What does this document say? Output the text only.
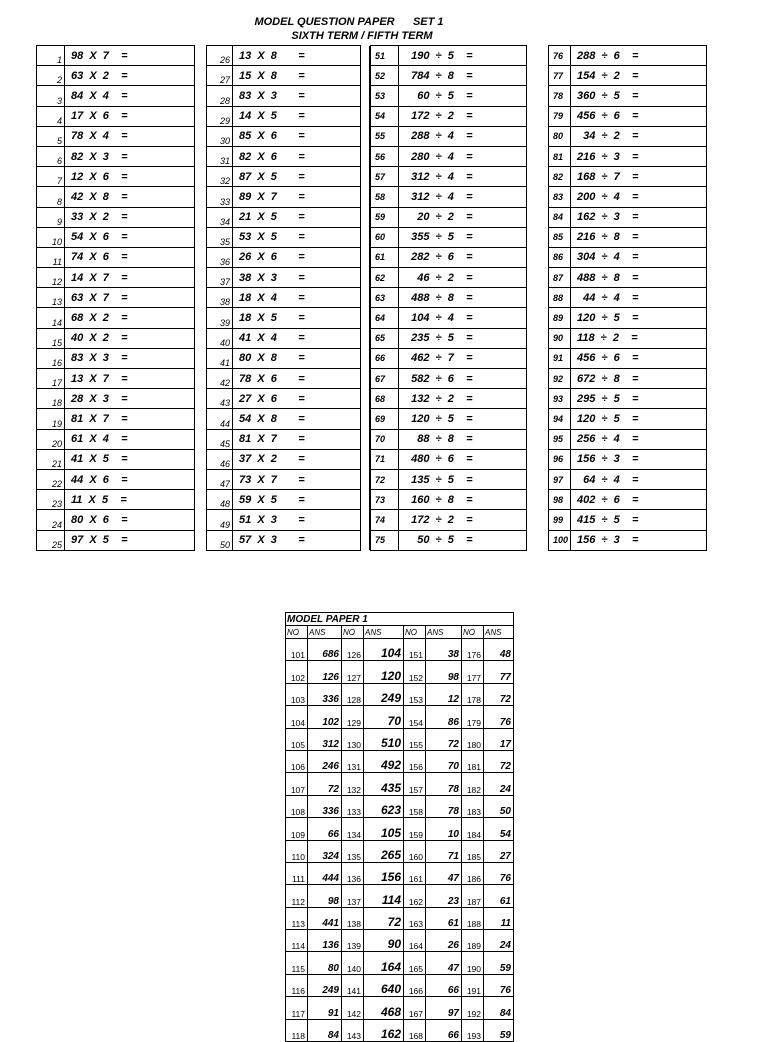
MODEL QUESTION PAPER      SET 1
SIXTH TERM / FIFTH TERM
1	98  X  7    =
2	63  X  2    =
3	84  X  4    =
4	17  X  6    =
5	78  X  4    =
6	82  X  3    =
7	12  X  6    =
8	42  X  8    =
9	33  X  2    =
10	54  X  6    =
11	74  X  6    =
12	14  X  7    =
13	63  X  7    =
14	68  X  2    =
15	40  X  2    =
16	83  X  3    =
17	13  X  7    =
18	28  X  3    =
19	81  X  7    =
20	61  X  4    =
21	41  X  5    =
22	44  X  6    =
23	11  X  5    =
24	80  X  6    =
25	97  X  5    =
26	13  X  8       =	
27	15  X  8       =	
28	83  X  3       =	
29	14  X  5       =	
30	85  X  6       =	
31	82  X  6       =	
32	87  X  5       =	
33	89  X  7       =	
34	21  X  5       =	
35	53  X  5       =	
36	26  X  6       =	
37	38  X  3       =	
38	18  X  4       =	
39	18  X  5       =	
40	41  X  4       =	
41	80  X  8       =	
42	78  X  6       =	
43	27  X  6       =	
44	54  X  8       =	
45	81  X  7       =	
46	37  X  2       =	
47	73  X  7       =	
48	59  X  5       =	
49	51  X  3       =	
50	57  X  3       =	
51	190  ÷  5    =
52	784  ÷  8    =
53	60  ÷  5    =
54	172  ÷  2    =
55	288  ÷  4    =
56	280  ÷  4    =
57	312  ÷  4    =
58	312  ÷  4    =
59	20  ÷  2    =
60	355  ÷  5    =
61	282  ÷  6    =
62	46  ÷  2    =
63	488  ÷  8    =
64	104  ÷  4    =
65	235  ÷  5    =
66	462  ÷  7    =
67	582  ÷  6    =
68	132  ÷  2    =
69	120  ÷  5    =
70	88  ÷  8    =
71	480  ÷  6    =
72	135  ÷  5    =
73	160  ÷  8    =
74	172  ÷  2    =
75	50  ÷  5    =
76	288  ÷  6    =
77	154  ÷  2    =
78	360  ÷  5    =
79	456  ÷  6    =
80	34  ÷  2    =
81	216  ÷  3    =
82	168  ÷  7    =
83	200  ÷  4    =
84	162  ÷  3    =
85	216  ÷  8    =
86	304  ÷  4    =
87	488  ÷  8    =
88	44  ÷  4    =
89	120  ÷  5    =
90	118  ÷  2    =
91	456  ÷  6    =
92	672  ÷  8    =
93	295  ÷  5    =
94	120  ÷  5    =
95	256  ÷  4    =
96	156  ÷  3    =
97	64  ÷  4    =
98	402  ÷  6    =
99	415  ÷  5    =
100	156  ÷  3    =
MODEL PAPER 1							
NO	ANS	NO	ANS	NO	ANS	NO	ANS
101	686	126	104	151	38	176	48
102	126	127	120	152	98	177	77
103	336	128	249	153	12	178	72
104	102	129	70	154	86	179	76
105	312	130	510	155	72	180	17
106	246	131	492	156	70	181	72
107	72	132	435	157	78	182	24
108	336	133	623	158	78	183	50
109	66	134	105	159	10	184	54
110	324	135	265	160	71	185	27
111	444	136	156	161	47	186	76
112	98	137	114	162	23	187	61
113	441	138	72	163	61	188	11
114	136	139	90	164	26	189	24
115	80	140	164	165	47	190	59
116	249	141	640	166	66	191	76
117	91	142	468	167	97	192	84
118	84	143	162	168	66	193	59
